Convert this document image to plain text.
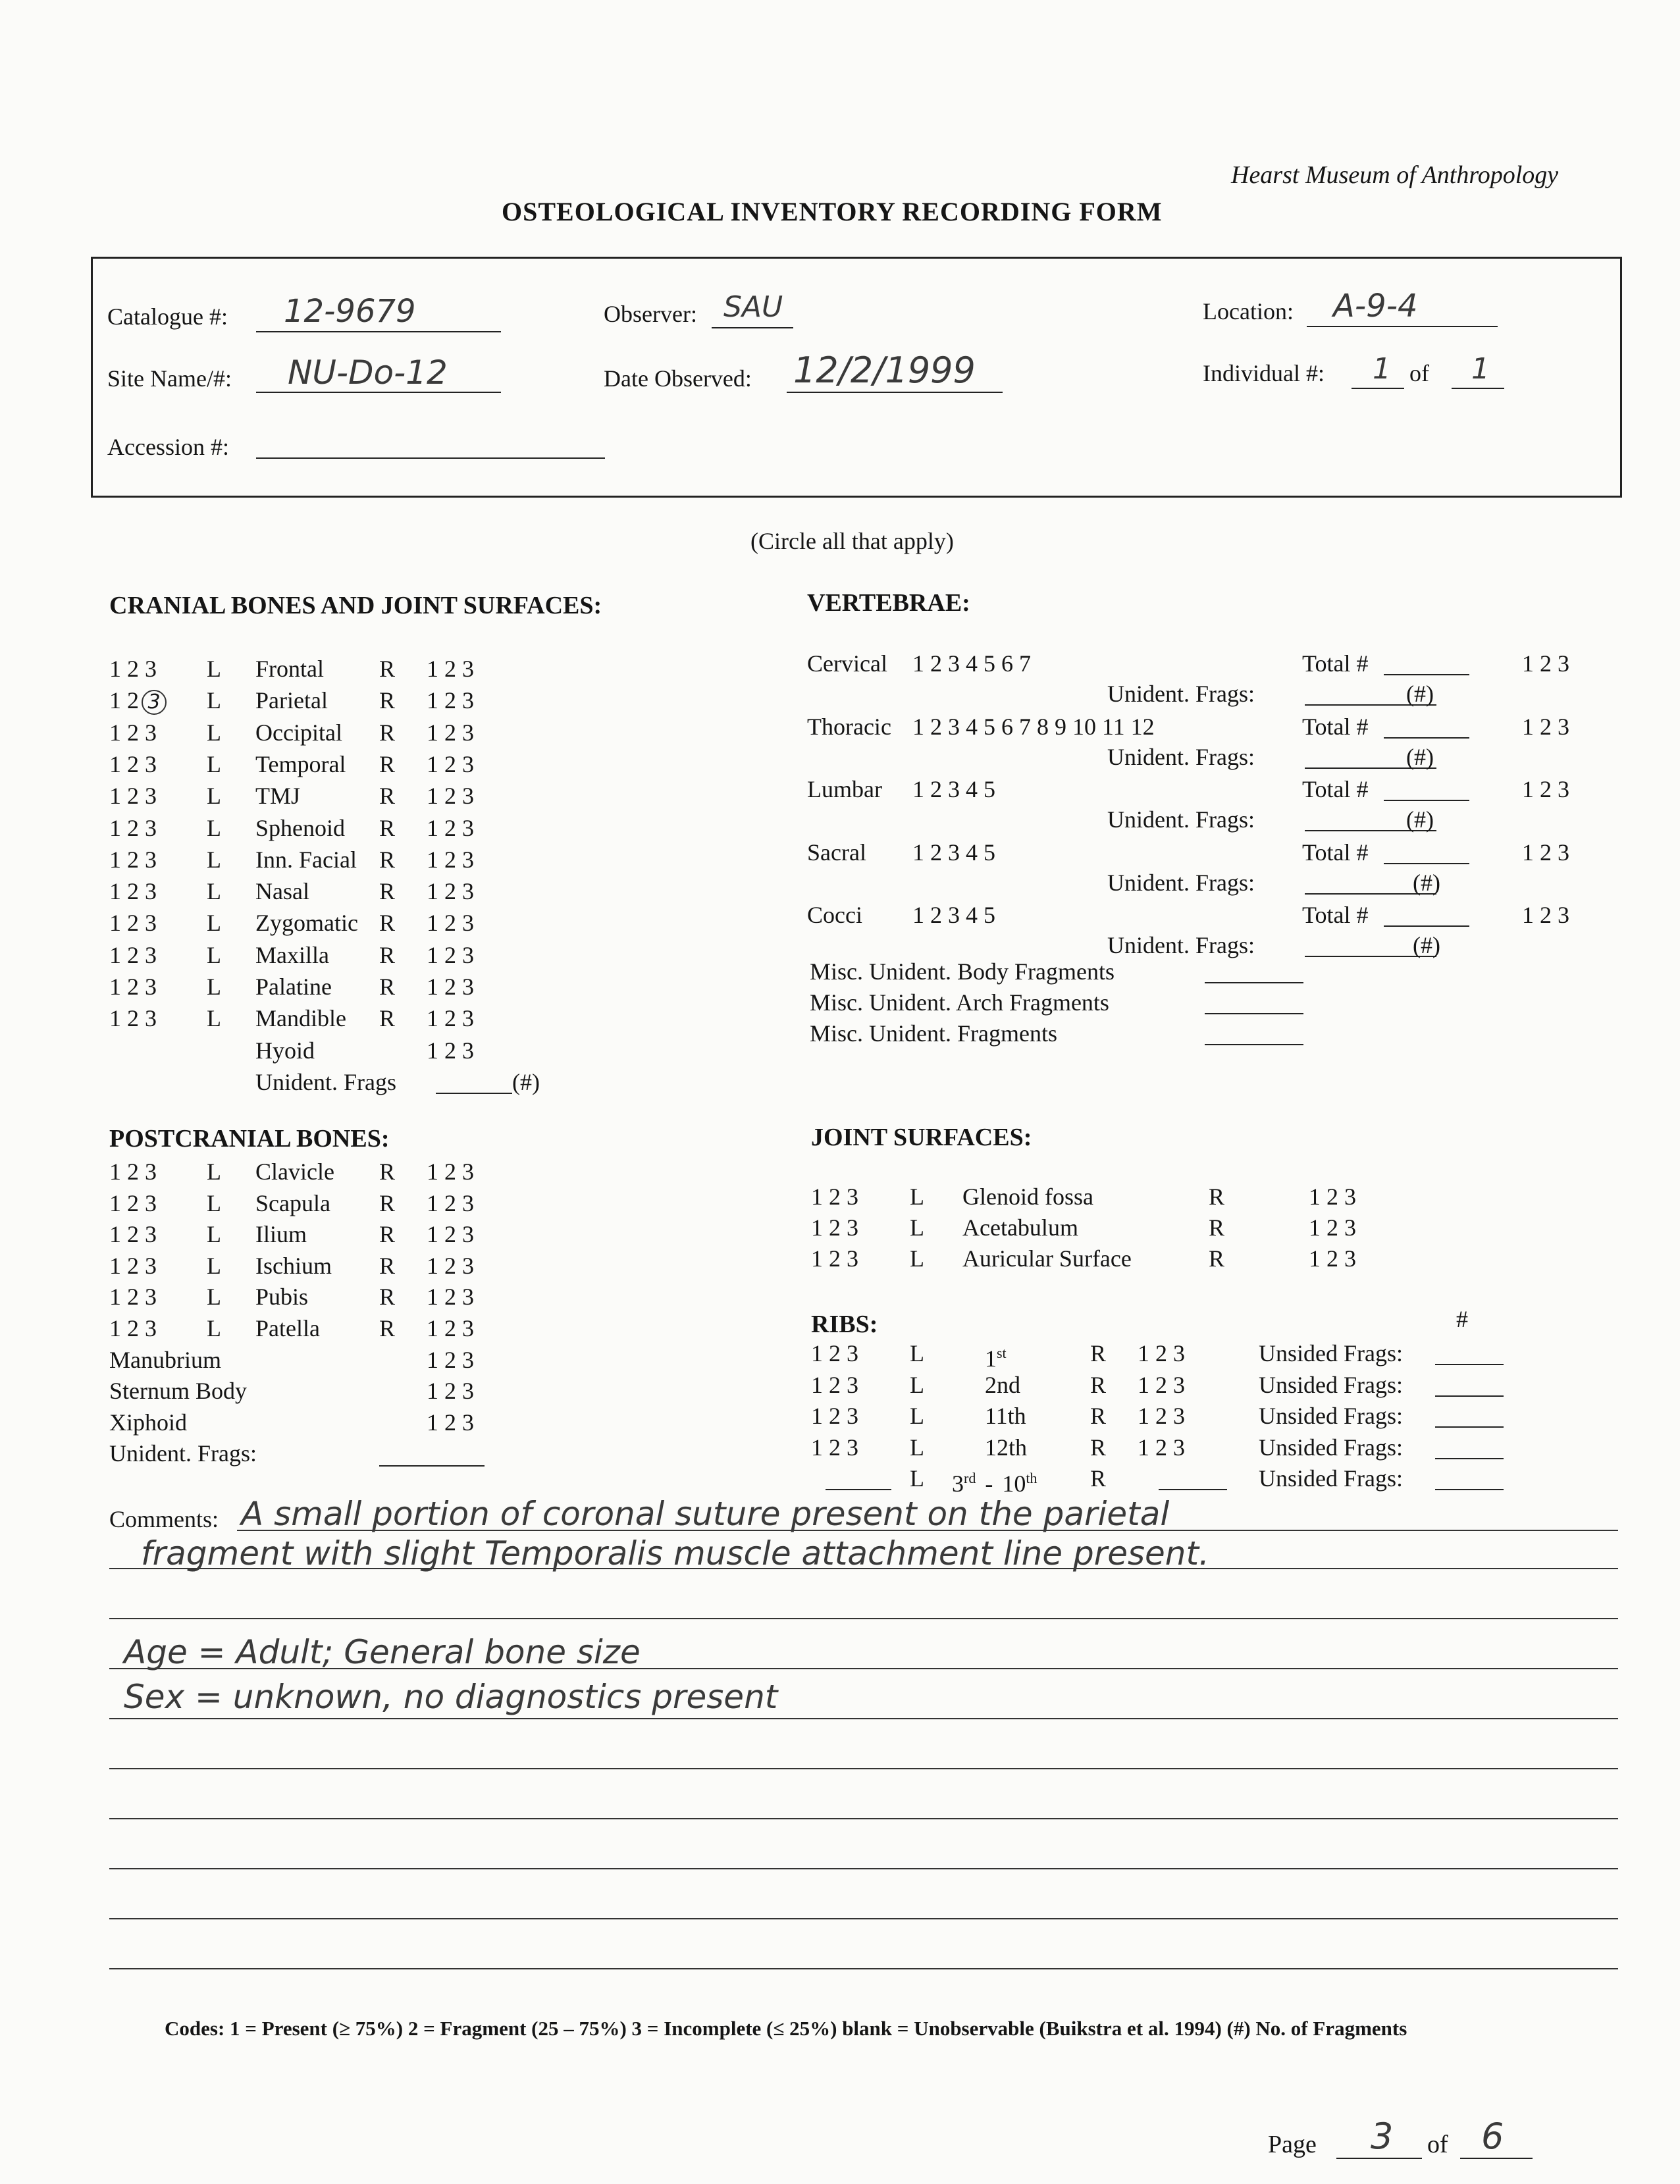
Hearst Museum of Anthropology
OSTEOLOGICAL INVENTORY RECORDING FORM
Catalogue #: 12-9679	Observer: SAU	Location: A-9-4
Site Name/#: NU-Do-12	Date Observed: 12/2/1999	Individual #: 1 of 1
Accession #:
(Circle all that apply)
CRANIAL BONES AND JOINT SURFACES:
1 2 3 L Frontal R 1 2 3
1 2 3 L Parietal R 1 2 3
1 2 3 L Occipital R 1 2 3
1 2 3 L Temporal R 1 2 3
1 2 3 L TMJ	R 1 2 3
1 2 3 L Sphenoid R 1 2 3
1 2 3 L Inn. Facial R 1 2 3
1 2 3 L Nasal	R 1 2 3
1 2 3 L Zygomatic R 1 2 3
1 2 3 L Maxilla R 1 2 3
1 2 3 L Palatine R 1 2 3
1 2 3 L Mandible R 1 2 3
Hyoid	1 2 3
Unident. Frags	(#)
POSTCRANIAL BONES:
1 2 3 L Clavicle R 1 2 3
1 2 3 L Scapula R 1 2 3
1 2 3 L Ilium	R 1 2 3
1 2 3 L Ischium R 1 2 3
1 2 3 L Pubis	R 1 2 3
1 2 3 L Patella	R 1 2 3
Manubrium	1 2 3
Sternum Body	1 2 3
Xiphoid	1 2 3
Unident. Frags:
VERTEBRAE:
Cervical 1 2 3 4 5 6 7	Total #	1 2 3
Unident. Frags:	(#)
Thoracic 1 2 3 4 5 6 7 8 9 10 11 12	Total #	1 2 3
Unident. Frags:	(#)
Lumbar 1 2 3 4 5	Total #	1 2 3
Unident. Frags:	(#)
Sacral 1 2 3 4 5	Total #	1 2 3
Unident. Frags:	(#)
Cocci 1 2 3 4 5	Total #	1 2 3
Unident. Frags:	(#)
Misc. Unident. Body Fragments
Misc. Unident. Arch Fragments
Misc. Unident. Fragments
JOINT SURFACES:
1 2 3 L Glenoid fossa	R	1 2 3
1 2 3 L Acetabulum	R	1 2 3
1 2 3 L Auricular Surface	R	1 2 3
RIBS:	#
1 2 3 L	1st	R 1 2 3	Unsided Frags:
1 2 3 L	2nd	R 1 2 3	Unsided Frags:
1 2 3 L	11th	R 1 2 3	Unsided Frags:
1 2 3 L	12th	R 1 2 3	Unsided Frags:
L 3rd - 10th R	Unsided Frags:
Comments: A small portion of coronal suture present on the parietal
fragment with slight Temporalis muscle attachment line present.
Age = Adult; General bone size
Sex = unknown, no diagnostics present
Codes: 1 = Present (≥ 75%) 2 = Fragment (25 – 75%) 3 = Incomplete (≤ 25%) blank = Unobservable (Buikstra et al. 1994) (#) No. of Fragments
Page 3 of 6
